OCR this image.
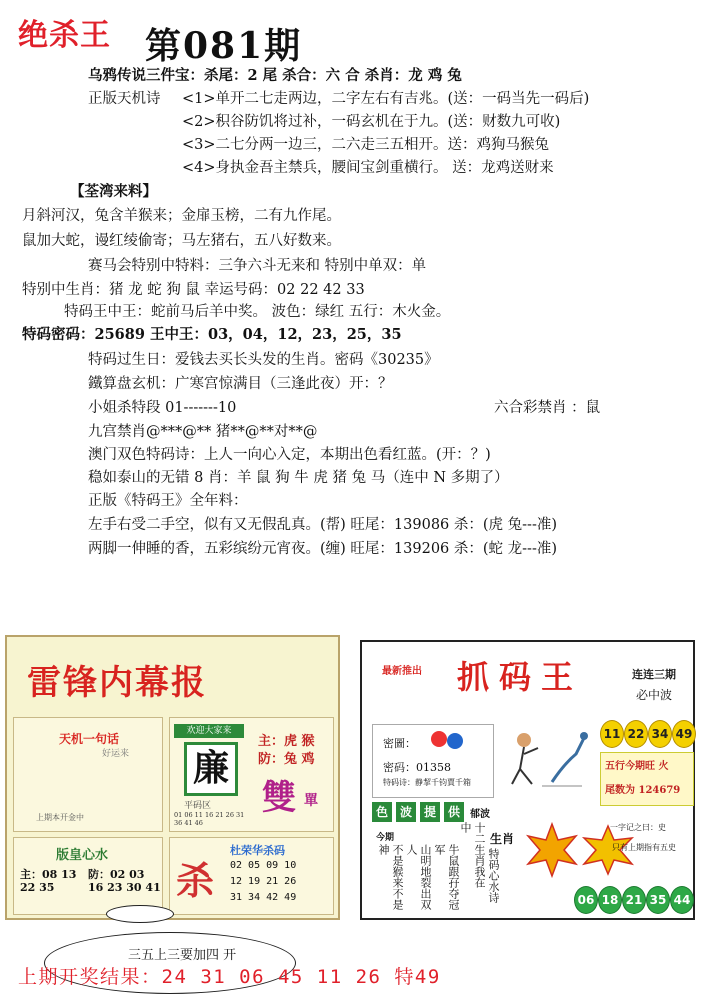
绝杀王 第081期
乌鸦传说三件宝：杀尾：2 尾 杀合：六 合 杀肖：龙 鸡 兔
正版天机诗 <1>单开二七走两边，二字左右有吉兆。(送：一码当先一码后)
<2>积谷防饥将过补，一码玄机在于九。(送：财数九可收)
<3>二七分两一边三，二六走三五相开。送：鸡狗马猴兔
<4>身执金吾主禁兵，腰间宝剑重横行。 送：龙鸡送财来
【荃湾来料】
月斜河汉，兔含羊猴来；金扉玉榜，二有九作尾。
鼠加大蛇，谩红绫偷寄；马左猪右，五八好数来。
赛马会特别中特料：三争六斗无来和 特别中单双：单
特别中生肖：猪 龙 蛇 狗 鼠 幸运号码：02 22 42 33
特码王中王：蛇前马后羊中奖。 波色：绿红 五行：木火金。
特码密码：25689 王中王：03，04，12，23，25，35
特码过生日：爱钱去买长头发的生肖。密码《30235》
鐵算盘玄机：广寒宫惊满目（三逢此夜）开：？
小姐杀特段 01-------10	六合彩禁肖 ：鼠
九宫禁肖@***@** 猪**@**对**@
澳门双色特码诗：上人一向心入定，本期出色看红蓝。(开：？)
稳如泰山的无错 8 肖：羊 鼠 狗 牛 虎 猪 兔 马（连中 N 多期了）
正版《特码王》全年料：
左手右受二手空，似有又无假乱真。(帮) 旺尾：139086 杀：(虎 兔---准)
两脚一伸睡的香，五彩缤纷元宵夜。(缠) 旺尾：139206 杀：(蛇 龙---准)
雷锋内幕报
天机一句话
好运来
上期本开金中
欢迎大家来
廉
平码区
01 06 11 16 21 26 31 36 41 46
主：虎 猴
防：兔 鸡
雙 單
版皇心水
主：08 13 22 35
防：02 03 16 23 30 41 杀
杜荣华杀码
02 05 09 10
12 19 21 26
31 34 42 49
最新推出 抓码王	连连三期
必中波
密圖：
密码：01358
特码诗：静挈千钧賈千箱
11 22 34 49
五行今期旺 火
尾数为 124679
色 波 提 供	郁波
今期
不是猴来不是神	山明地裂出双人	牛鼠跟孖夺冠军	十二生肖我在中
生肖
特码心水诗
一字记之曰：史
只有上期指有五史
06 18 21 35 44
三五上三要加四 开
上期开奖结果：24 31 06 45 11 26 特49
